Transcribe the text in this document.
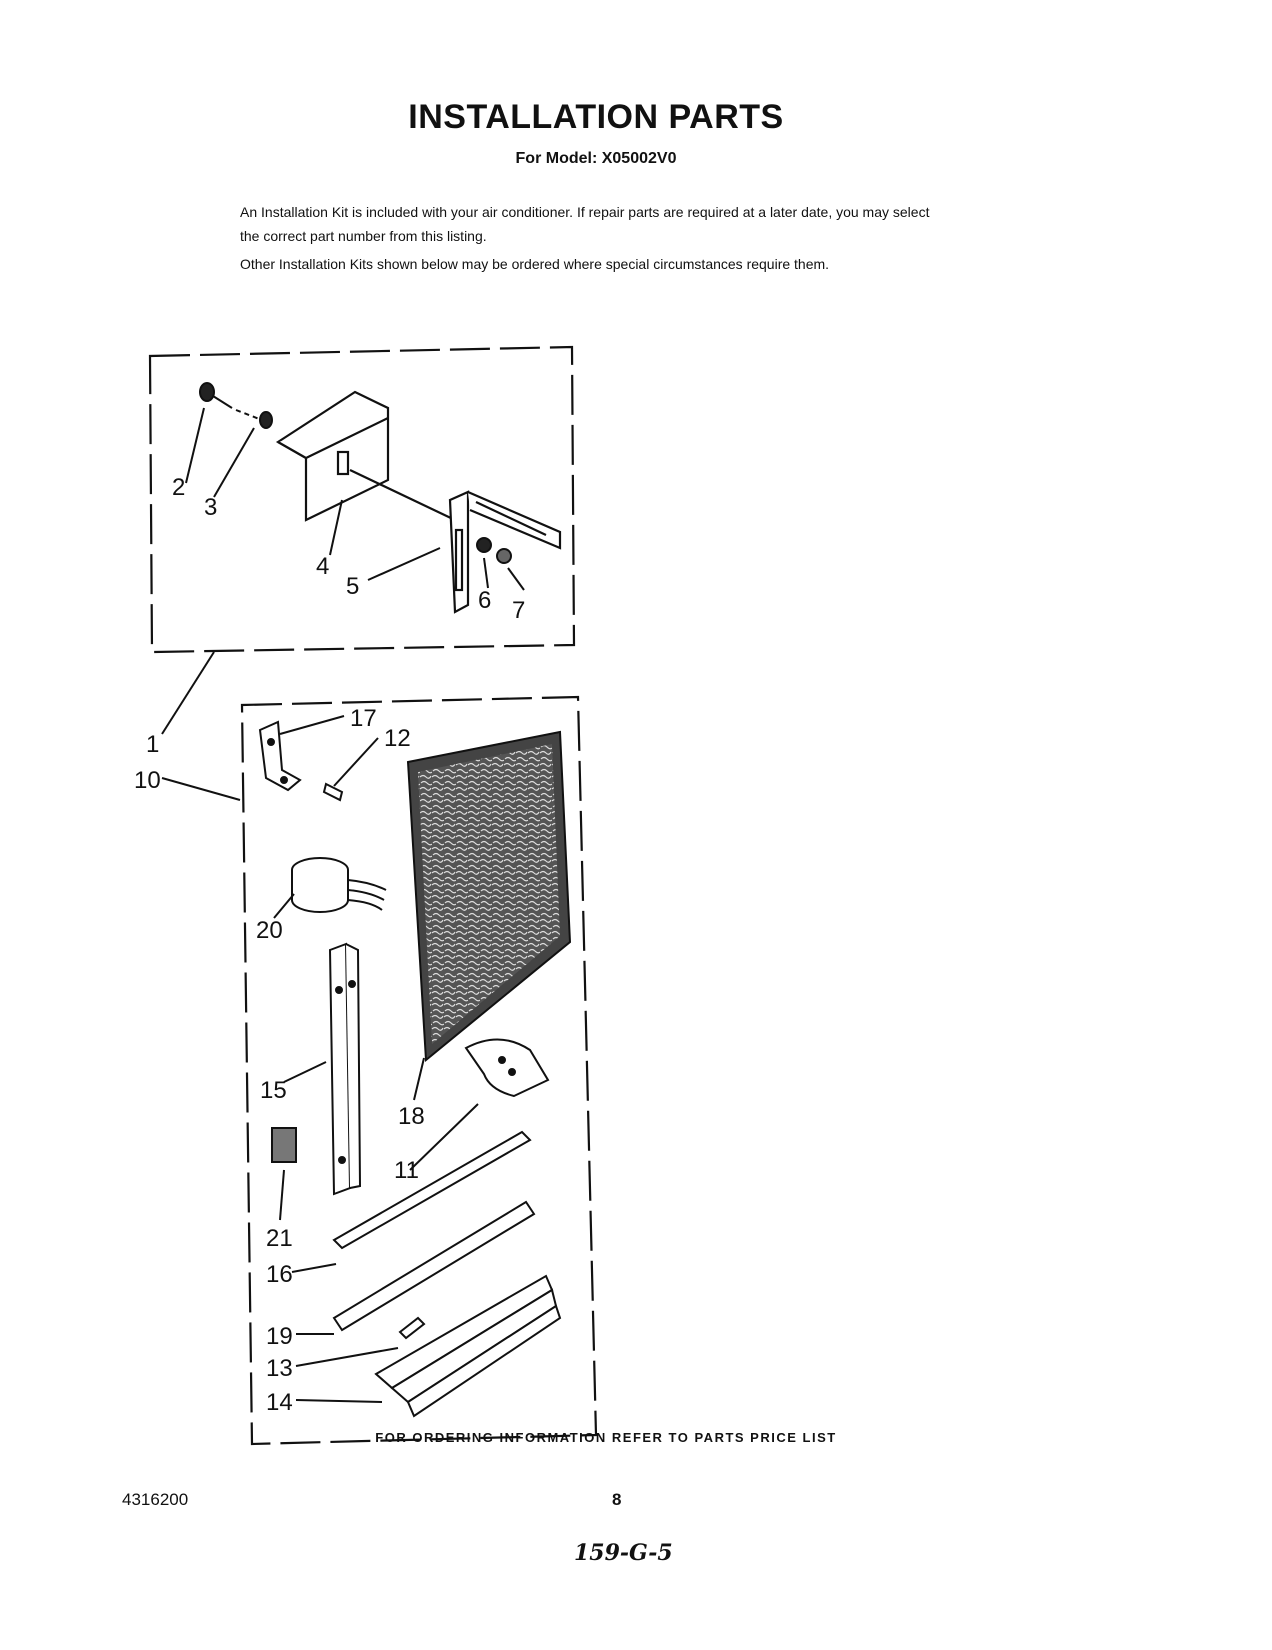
INSTALLATION PARTS
For Model: X05002V0
An Installation Kit is included with your air conditioner. If repair parts are required at a later date, you may select the correct part number from this listing.
Other Installation Kits shown below may be ordered where special circumstances require them.
2
3
4
5
6 7
1
10
17
12
20
15
18
11
21
16
19
13
14
FOR ORDERING INFORMATION REFER TO PARTS PRICE LIST
4316200	8
159-G-5
